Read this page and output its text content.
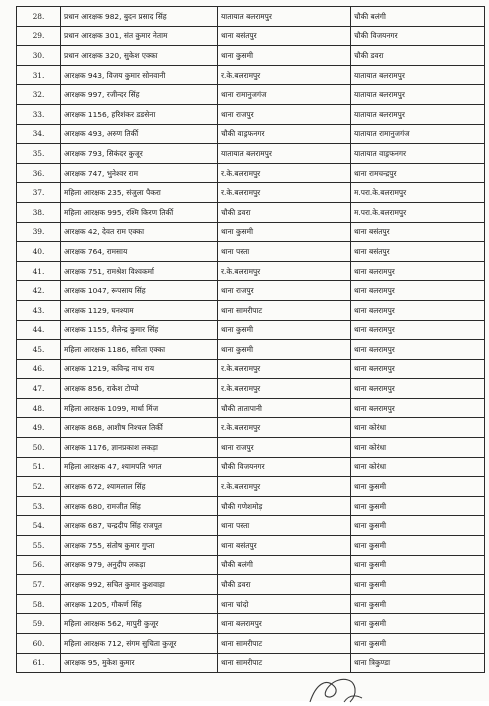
28.	प्रधान आरक्षक 982, बुदन प्रसाद सिंह	यातायात बलरामपुर	चौकी बलंगी
29.	प्रधान आरक्षक 301, संत कुमार नेताम	थाना बसंतपुर	चौकी विजयनगर
30.	प्रधान आरक्षक 320, सुकेश एक्का	थाना कुसमी	चौकी डवरा
31.	आरक्षक 943, विजय कुमार सोनवानी	र.के.बलरामपुर	यातायात बलरामपुर
32.	आरक्षक 997, रजीन्दर सिंह	थाना रामानुजगंज	यातायात बलरामपुर
33.	आरक्षक 1156, हरिशंकर डडसेना	थाना राजपुर	यातायात बलरामपुर
34.	आरक्षक 493, अरुण तिर्की	चौकी वाड्रफनगर	यातायात रामानुजगंज
35.	आरक्षक 793, सिकंदर कुजूर	यातायात बलरामपुर	यातायात वाड्रफनगर
36.	आरक्षक 747, भुनेश्वर राम	र.के.बलरामपुर	थाना रामचन्द्रपुर
37.	महिला आरक्षक 235, संजुला पैकरा	र.के.बलरामपुर	म.परा.के.बलरामपुर
38.	महिला आरक्षक 995, रश्मि किरण तिर्की	चौकी डवरा	म.परा.के.बलरामपुर
39.	आरक्षक 42, देवत राम एक्का	थाना कुसमी	थाना बसंतपुर
40.	आरक्षक 764, रामसाय	थाना पस्ता	थाना बसंतपुर
41.	आरक्षक 751, रामश्रेश विश्वकर्मा	र.के.बलरामपुर	थाना बलरामपुर
42.	आरक्षक 1047, रूपसाय सिंह	थाना राजपुर	थाना बलरामपुर
43.	आरक्षक 1129, घनश्याम	थाना सामरीपाट	थाना बलरामपुर
44.	आरक्षक 1155, शैलेन्द्र कुमार सिंह	थाना कुसमी	थाना बलरामपुर
45.	महिला आरक्षक 1186, सरिता एक्का	थाना कुसमी	थाना बलरामपुर
46.	आरक्षक 1219, कविन्द्र नाथ राय	र.के.बलरामपुर	थाना बलरामपुर
47.	आरक्षक 856, राकेश टोप्पो	र.के.बलरामपुर	थाना बलरामपुर
48.	महिला आरक्षक 1099, मार्था मिंज	चौकी तातापानी	थाना बलरामपुर
49.	आरक्षक 868, आशीष निश्चल तिर्की	र.के.बलरामपुर	थाना कोरंधा
50.	आरक्षक 1176, ज्ञानप्रकाश लकड़ा	थाना राजपुर	थाना कोरंधा
51.	महिला आरक्षक 47, श्यामपति भगत	चौकी विजयनगर	थाना कोरंधा
52.	आरक्षक 672, श्यामलाल सिंह	र.के.बलरामपुर	थाना कुसमी
53.	आरक्षक 680, रामजीत सिंह	चौकी गणेशमोड़	थाना कुसमी
54.	आरक्षक 687, चन्द्रदीप सिंह राजपूत	थाना पस्ता	थाना कुसमी
55.	आरक्षक 755, संतोष कुमार गुप्ता	थाना बसंतपुर	थाना कुसमी
56.	आरक्षक 979, अनुदीप लकड़ा	चौकी बलंगी	थाना कुसमी
57.	आरक्षक 992, सचित कुमार कुशवाहा	चौकी डवरा	थाना कुसमी
58.	आरक्षक 1205, गौकर्ण सिंह	थाना चांदो	थाना कुसमी
59.	महिला आरक्षक 562, मापुरी कुजूर	थाना बलरामपुर	थाना कुसमी
60.	महिला आरक्षक 712, संगम सुचिता कुजूर	थाना सामरीपाट	थाना कुसमी
61.	आरक्षक 95, मुकेश कुमार	थाना सामरीपाट	थाना त्रिकुण्डा
